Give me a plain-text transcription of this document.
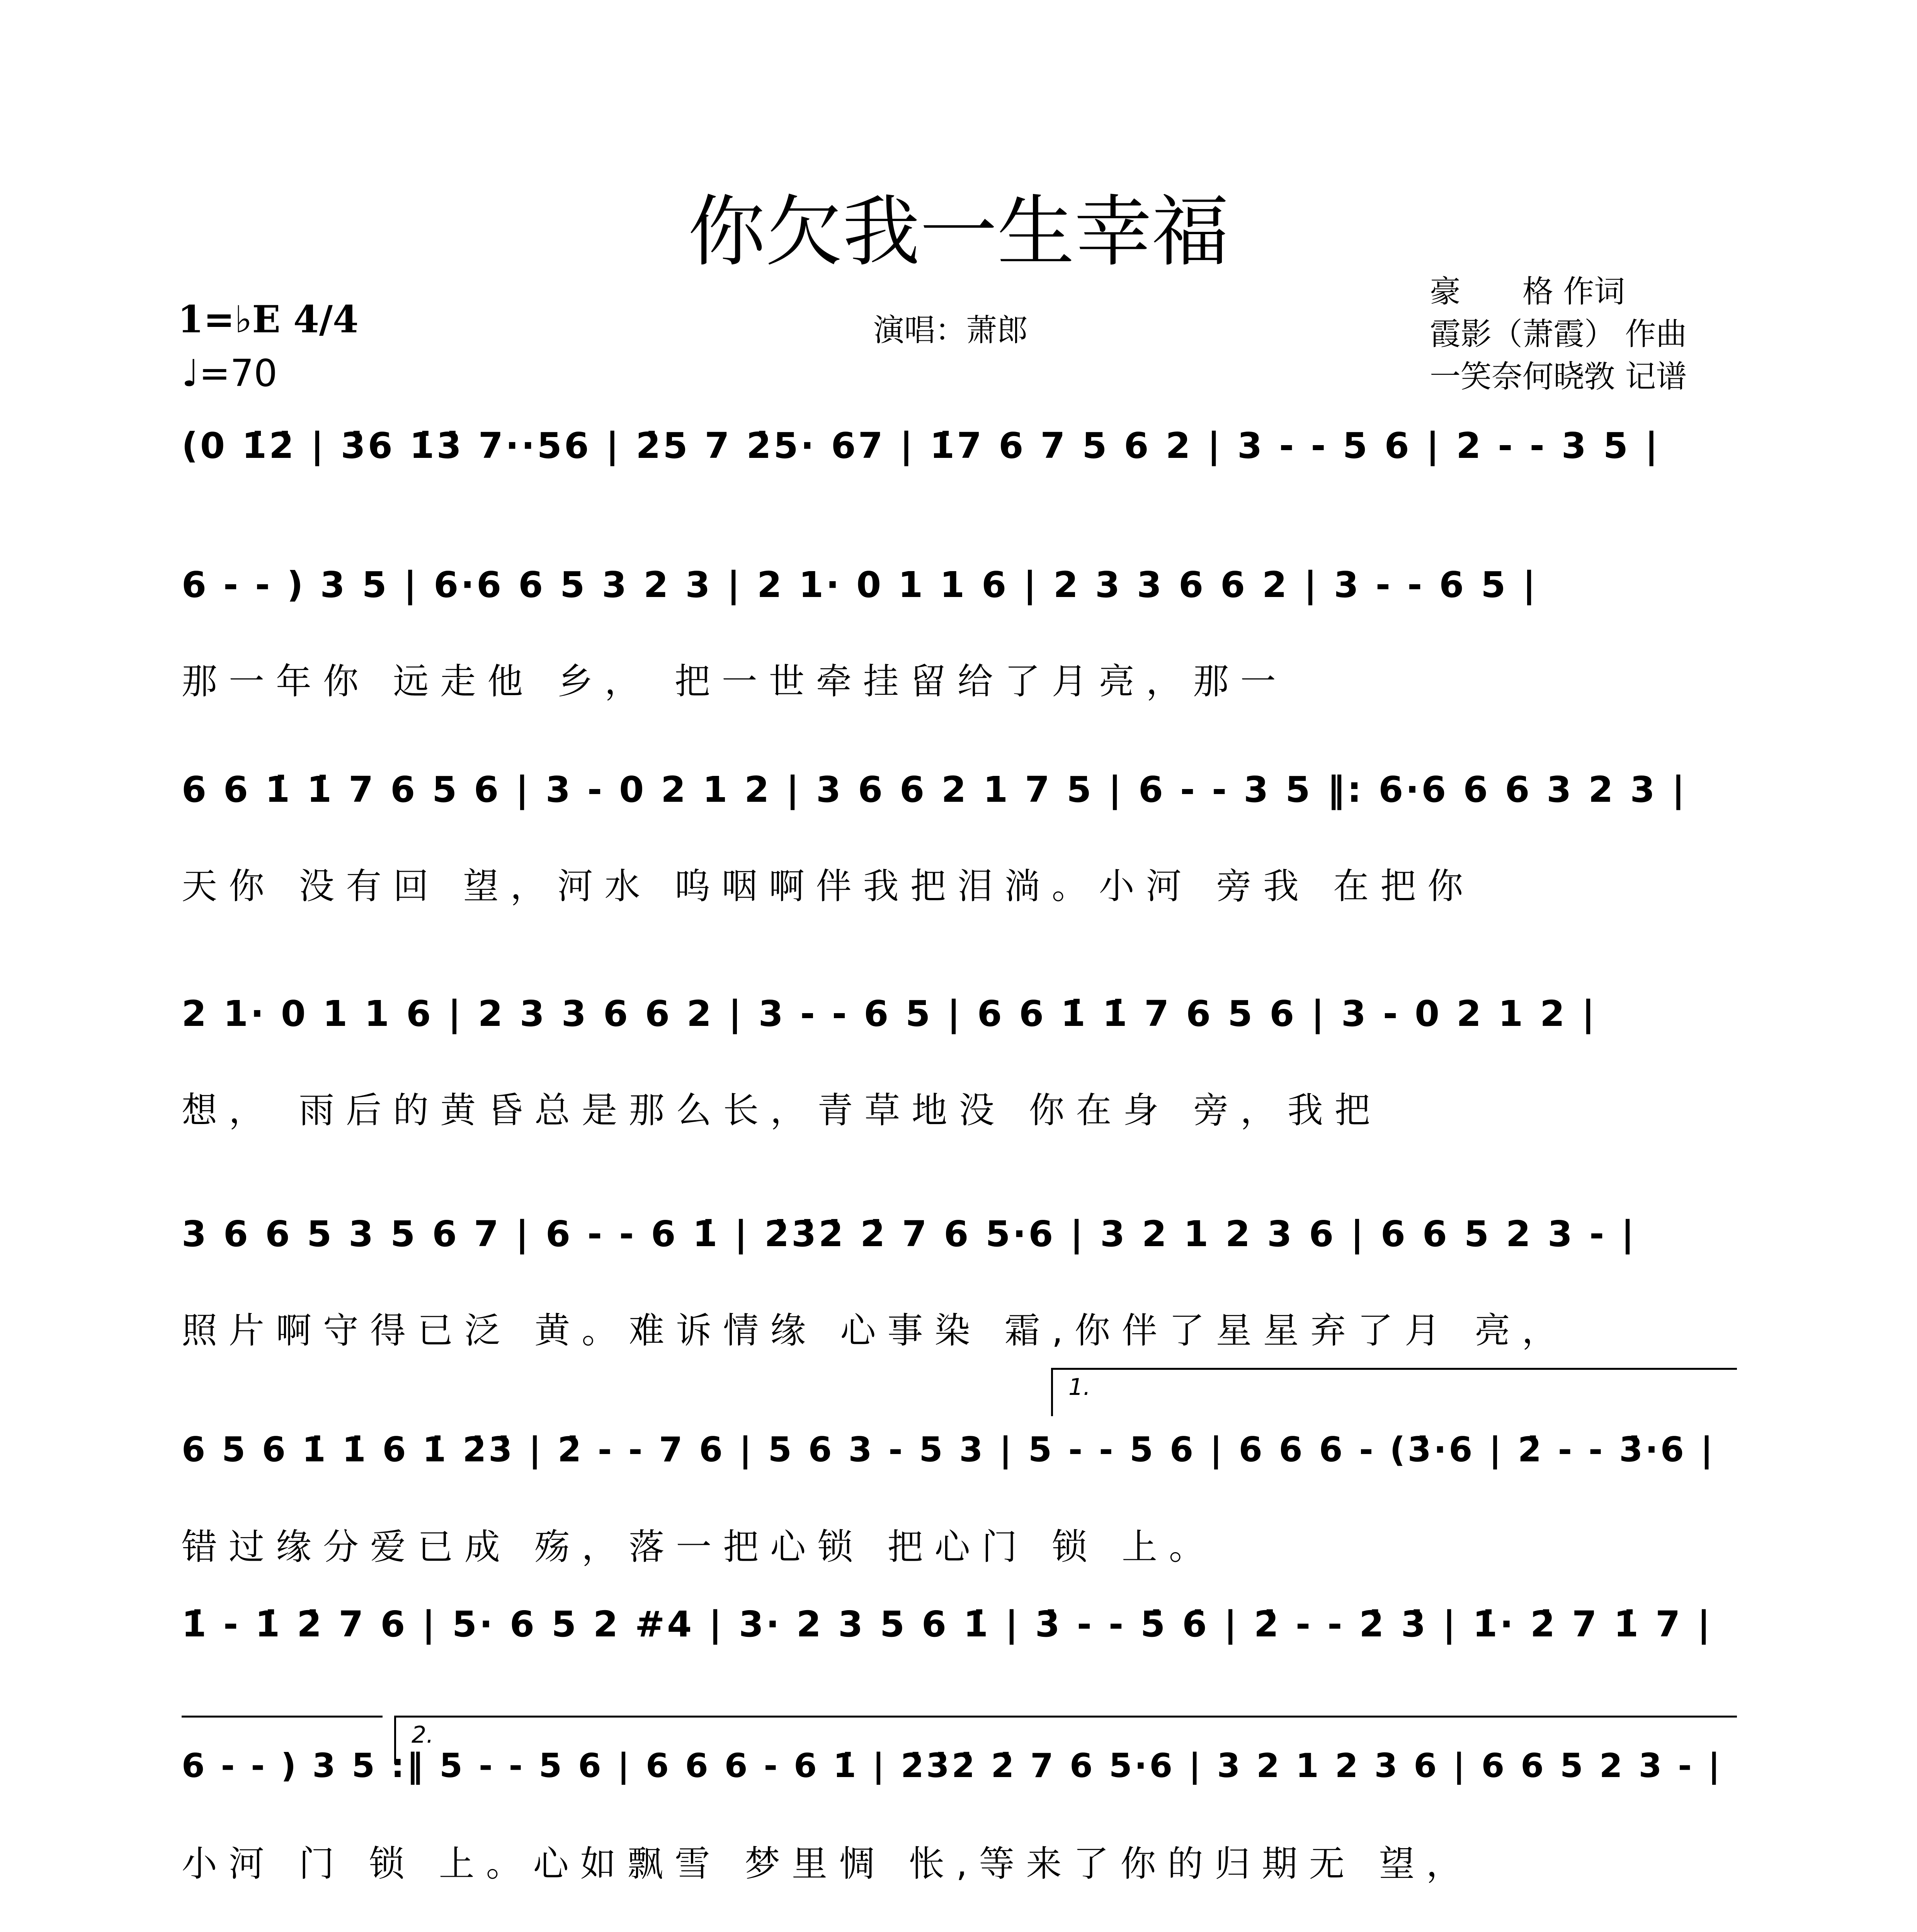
你欠我一生幸福
1=♭E 4/4
♩=70
演唱：萧郎
豪　　格 作词
霞影（萧霞） 作曲
一笑奈何晓敩 记谱
(0 1̇2̇ | 3̇6 1̇3̇ 7··56 | 2̇5 7 2̇5· 67 | 1̇7 6 7 5 6 2 | 3 - - 5 6 | 2 - - 3 5 |
6 - - ) 3 5 | 6·6 6 5 3 2 3 | 2 1· 0 1 1 6 | 2 3 3 6 6 2 | 3 - - 6 5 |
那一年你 远走他 乡， 把一世牵挂留给了月亮，那一
6 6 1̇ 1̇ 7 6 5 6 | 3 - 0 2 1 2 | 3 6 6 2 1 7 5 | 6 - - 3 5 ‖: 6·6 6 6 3 2 3 |
天你 没有回 望，河水 呜咽啊伴我把泪淌。小河 旁我 在把你
2 1· 0 1 1 6 | 2 3 3 6 6 2 | 3 - - 6 5 | 6 6 1̇ 1̇ 7 6 5 6 | 3 - 0 2 1 2 |
想， 雨后的黄昏总是那么长，青草地没 你在身 旁，我把
3 6 6 5 3 5 6 7 | 6 - - 6 1̇ | 2̇3̇2̇ 2̇ 7 6 5·6 | 3 2 1 2 3 6 | 6 6 5 2 3 - |
照片啊守得已泛 黄。难诉情缘 心事染 霜,你伴了星星弃了月 亮，
6 5 6 1̇ 1̇ 6 1̇ 2̇3̇ | 2̇ - - 7 6 | 5 6 3 - 5 3 | 5 - - 5 6 | 6 6 6 - (3̇·6 | 2̇ - - 3̇·6 |
错过缘分爱已成 殇，落一把心锁 把心门 锁 上。
1̇ - 1̇ 2̇ 7 6 | 5· 6 5 2 #4 | 3· 2 3 5 6 1̇ | 3̇ - - 5̇ 6̇ | 2̇ - - 2̇ 3̇ | 1̇· 2̇ 7 1̇ 7 |
6 - - ) 3 5 :‖ 5 - - 5 6 | 6 6 6 - 6 1̇ | 2̇3̇2̇ 2̇ 7 6 5·6 | 3 2 1 2 3 6 | 6 6 5 2 3 - |
小河 门 锁 上。心如飘雪 梦里惆 怅,等来了你的归期无 望，
1.
2.
